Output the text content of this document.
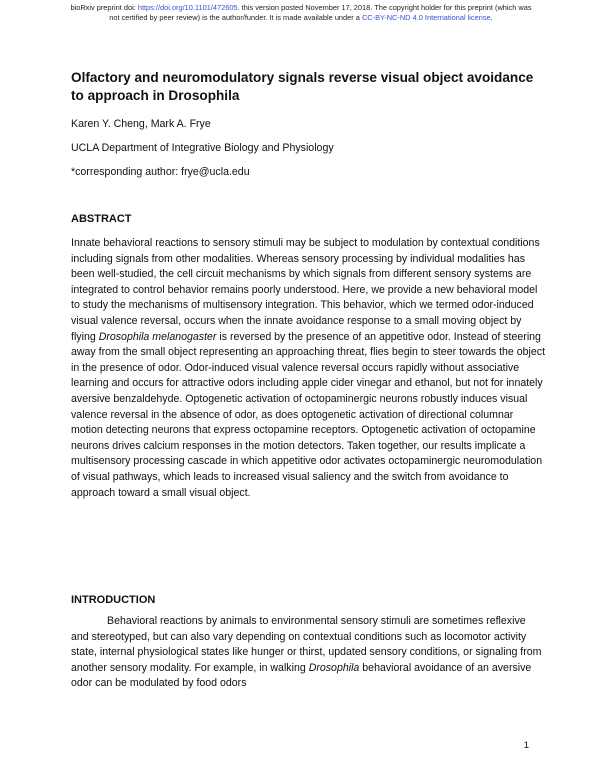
bioRxiv preprint doi: https://doi.org/10.1101/472605. this version posted November 17, 2018. The copyright holder for this preprint (which was
not certified by peer review) is the author/funder. It is made available under a CC-BY-NC-ND 4.0 International license.
Olfactory and neuromodulatory signals reverse visual object avoidance to approach in Drosophila
Karen Y. Cheng, Mark A. Frye
UCLA Department of Integrative Biology and Physiology
*corresponding author: frye@ucla.edu
ABSTRACT

Innate behavioral reactions to sensory stimuli may be subject to modulation by contextual conditions including signals from other modalities. Whereas sensory processing by individual modalities has been well-studied, the cell circuit mechanisms by which signals from different sensory systems are integrated to control behavior remains poorly understood. Here, we provide a new behavioral model to study the mechanisms of multisensory integration. This behavior, which we termed odor-induced visual valence reversal, occurs when the innate avoidance response to a small moving object by flying Drosophila melanogaster is reversed by the presence of an appetitive odor. Instead of steering away from the small object representing an approaching threat, flies begin to steer towards the object in the presence of odor. Odor-induced visual valence reversal occurs rapidly without associative learning and occurs for attractive odors including apple cider vinegar and ethanol, but not for innately aversive benzaldehyde. Optogenetic activation of octopaminergic neurons robustly induces visual valence reversal in the absence of odor, as does optogenetic activation of directional columnar motion detecting neurons that express octopamine receptors. Optogenetic activation of octopamine neurons drives calcium responses in the motion detectors. Taken together, our results implicate a multisensory processing cascade in which appetitive odor activates octopaminergic neuromodulation of visual pathways, which leads to increased visual saliency and the switch from avoidance to approach toward a small visual object.

INTRODUCTION

Behavioral reactions by animals to environmental sensory stimuli are sometimes reflexive and stereotyped, but can also vary depending on contextual conditions such as locomotor activity state, internal physiological states like hunger or thirst, updated sensory conditions, or signaling from another sensory modality. For example, in walking Drosophila behavioral avoidance of an aversive odor can be modulated by food odors

1
